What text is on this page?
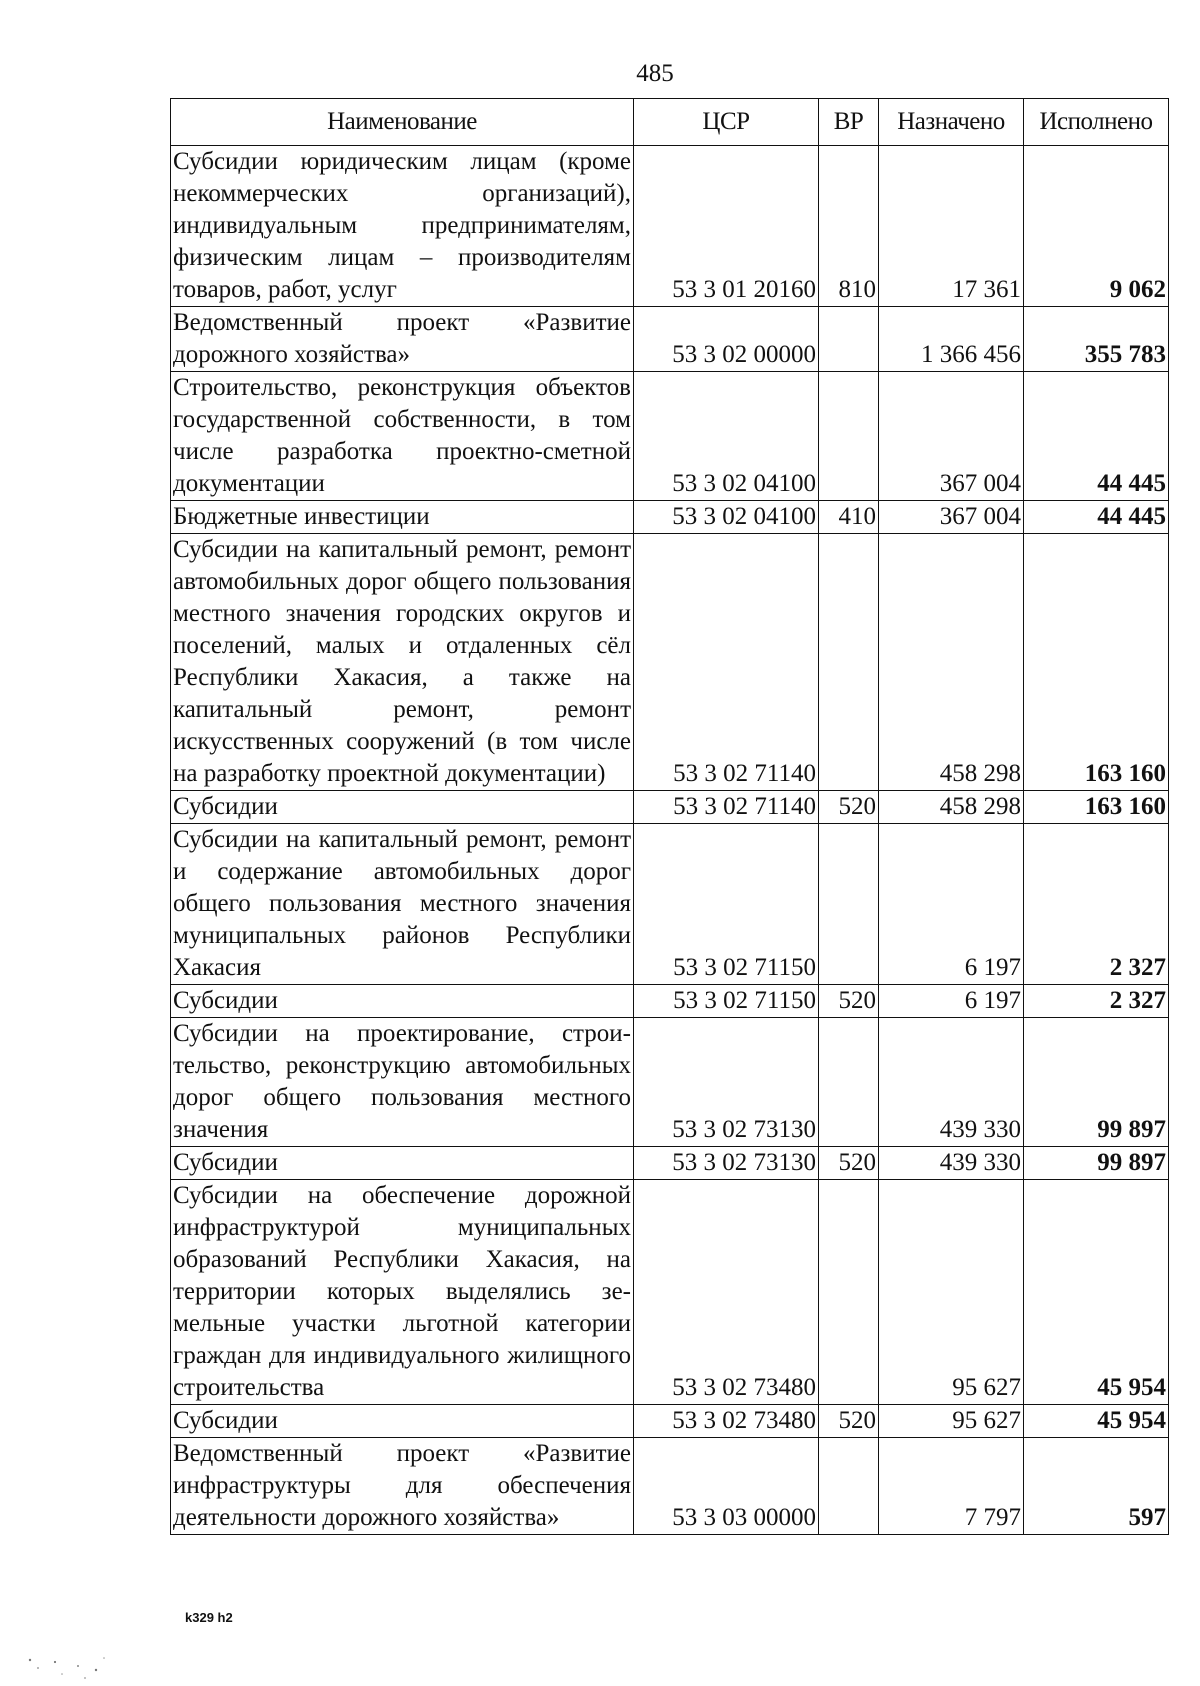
485
Наименование	ЦСР	ВР	Назначено	Исполнено
Субсидии юридическим лицам (кроме некоммерческих организаций), индивидуальным предпринимателям, физическим лицам – производителям товаров, работ, услуг	53 3 01 20160	810	17 361	9 062
Ведомственный проект «Развитие дорожного хозяйства»	53 3 02 00000		1 366 456	355 783
Строительство, реконструкция объектов государственной собственности, в том числе разработка проектно-сметной документации	53 3 02 04100		367 004	44 445
Бюджетные инвестиции	53 3 02 04100	410	367 004	44 445
Субсидии на капитальный ремонт, ремонт автомобильных дорог общего пользования местного значения городских округов и поселений, малых и отдаленных сёл Республики Хакасия, а также на капитальный ремонт, ремонт искусственных сооружений (в том числе на разработку проектной документации)	53 3 02 71140		458 298	163 160
Субсидии	53 3 02 71140	520	458 298	163 160
Субсидии на капитальный ремонт, ремонт и содержание автомобильных дорог общего пользования местного значения муниципальных районов Республики Хакасия	53 3 02 71150		6 197	2 327
Субсидии	53 3 02 71150	520	6 197	2 327
Субсидии на проектирование, строительство, реконструкцию автомобильных дорог общего пользования местного значения	53 3 02 73130		439 330	99 897
Субсидии	53 3 02 73130	520	439 330	99 897
Субсидии на обеспечение дорожной инфраструктурой муниципальных образований Республики Хакасия, на территории которых выделялись земельные участки льготной категории граждан для индивидуального жилищного строительства	53 3 02 73480		95 627	45 954
Субсидии	53 3 02 73480	520	95 627	45 954
Ведомственный проект «Развитие инфраструктуры для обеспечения деятельности дорожного хозяйства»	53 3 03 00000		7 797	597
k329 h2
